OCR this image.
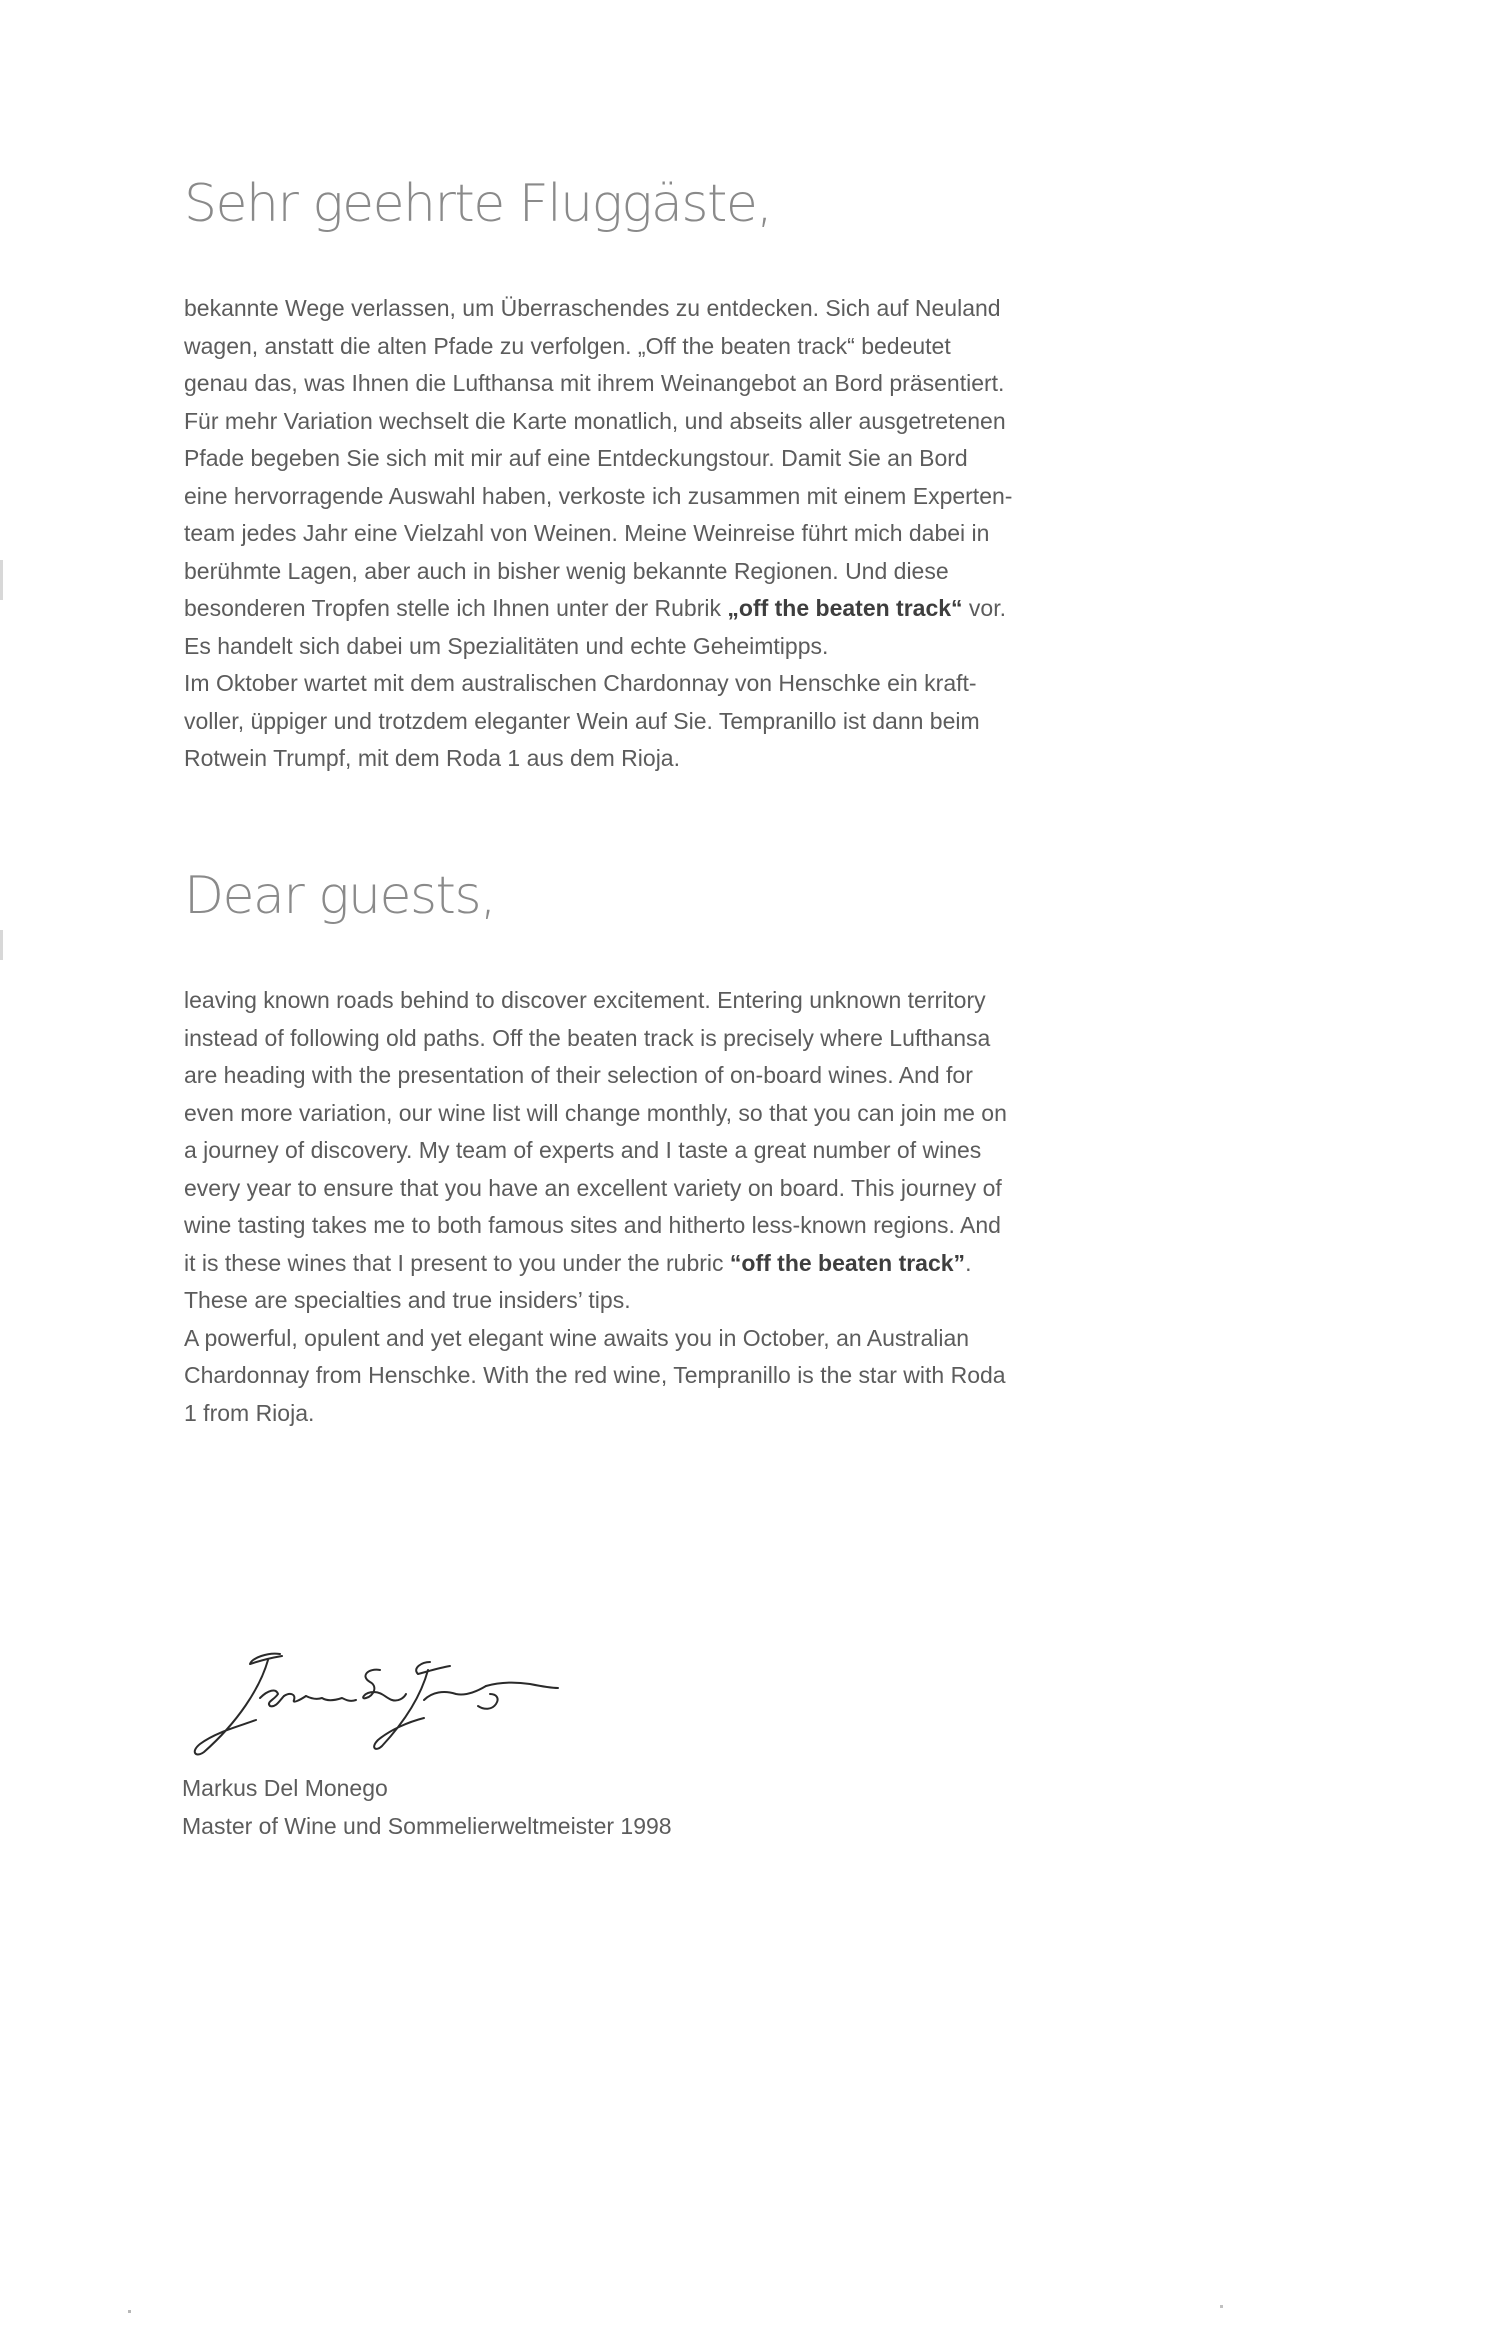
Sehr geehrte Fluggäste,

bekannte Wege verlassen, um Überraschendes zu entdecken. Sich auf Neuland
wagen, anstatt die alten Pfade zu verfolgen. „Off the beaten track“ bedeutet
genau das, was Ihnen die Lufthansa mit ihrem Weinangebot an Bord präsentiert.
Für mehr Variation wechselt die Karte monatlich, und abseits aller ausgetretenen
Pfade begeben Sie sich mit mir auf eine Entdeckungstour. Damit Sie an Bord
eine hervorragende Auswahl haben, verkoste ich zusammen mit einem Experten-
team jedes Jahr eine Vielzahl von Weinen. Meine Weinreise führt mich dabei in
berühmte Lagen, aber auch in bisher wenig bekannte Regionen. Und diese
besonderen Tropfen stelle ich Ihnen unter der Rubrik „off the beaten track“ vor.
Es handelt sich dabei um Spezialitäten und echte Geheimtipps.
Im Oktober wartet mit dem australischen Chardonnay von Henschke ein kraft-
voller, üppiger und trotzdem eleganter Wein auf Sie. Tempranillo ist dann beim
Rotwein Trumpf, mit dem Roda 1 aus dem Rioja.

Dear guests,

leaving known roads behind to discover excitement. Entering unknown territory
instead of following old paths. Off the beaten track is precisely where Lufthansa
are heading with the presentation of their selection of on-board wines. And for
even more variation, our wine list will change monthly, so that you can join me on
a journey of discovery. My team of experts and I taste a great number of wines
every year to ensure that you have an excellent variety on board. This journey of
wine tasting takes me to both famous sites and hitherto less-known regions. And
it is these wines that I present to you under the rubric “off the beaten track”.
These are specialties and true insiders’ tips.
A powerful, opulent and yet elegant wine awaits you in October, an Australian
Chardonnay from Henschke. With the red wine, Tempranillo is the star with Roda
1 from Rioja.

Markus Del Monego
Master of Wine und Sommelierweltmeister 1998
